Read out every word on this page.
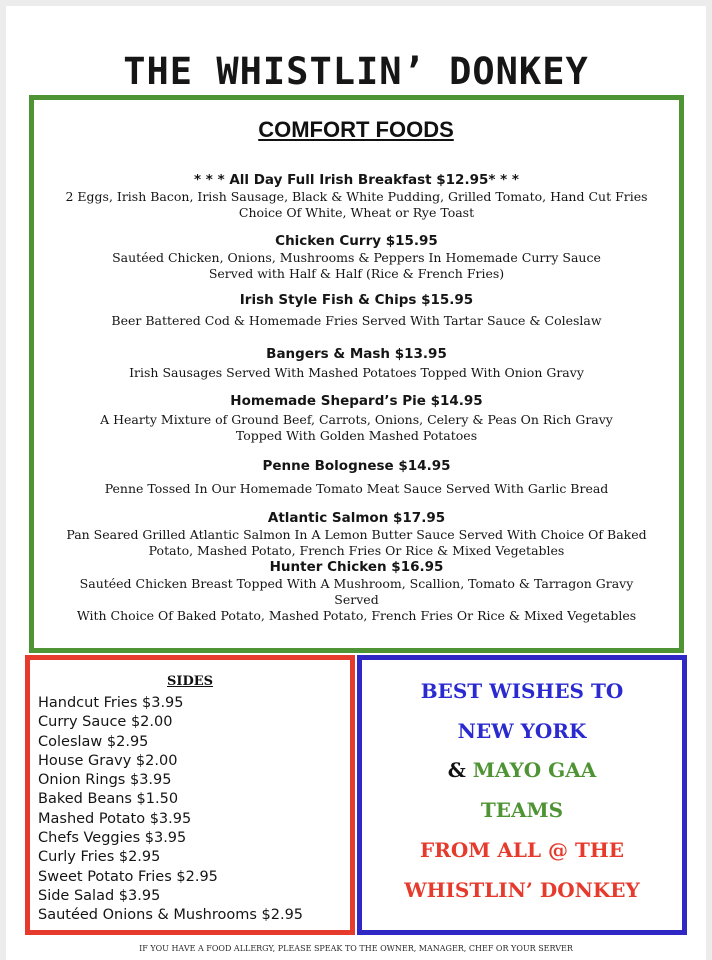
THE WHISTLIN’ DONKEY
COMFORT FOODS
* * * All Day Full Irish Breakfast $12.95* * *
2 Eggs, Irish Bacon, Irish Sausage, Black & White Pudding, Grilled Tomato, Hand Cut Fries
Choice Of White, Wheat or Rye Toast
Chicken Curry $15.95
Sautéed Chicken, Onions, Mushrooms & Peppers In Homemade Curry Sauce
Served with Half & Half (Rice & French Fries)
Irish Style Fish & Chips $15.95
Beer Battered Cod & Homemade Fries Served With Tartar Sauce & Coleslaw
Bangers & Mash $13.95
Irish Sausages Served With Mashed Potatoes Topped With Onion Gravy
Homemade Shepard’s Pie $14.95
A Hearty Mixture of Ground Beef, Carrots, Onions, Celery & Peas On Rich Gravy
Topped With Golden Mashed Potatoes
Penne Bolognese $14.95
Penne Tossed In Our Homemade Tomato Meat Sauce Served With Garlic Bread
Atlantic Salmon $17.95
Pan Seared Grilled Atlantic Salmon In A Lemon Butter Sauce Served With Choice Of Baked
Potato, Mashed Potato, French Fries Or Rice & Mixed Vegetables
Hunter Chicken $16.95
Sautéed Chicken Breast Topped With A Mushroom, Scallion, Tomato & Tarragon Gravy
Served
With Choice Of Baked Potato, Mashed Potato, French Fries Or Rice & Mixed Vegetables
SIDES
Handcut Fries $3.95
Curry Sauce $2.00
Coleslaw $2.95
House Gravy $2.00
Onion Rings $3.95
Baked Beans $1.50
Mashed Potato $3.95
Chefs Veggies $3.95
Curly Fries $2.95
Sweet Potato Fries $2.95
Side Salad $3.95
Sautéed Onions & Mushrooms $2.95
BEST WISHES TO
NEW YORK
& MAYO GAA
TEAMS
FROM ALL @ THE
WHISTLIN’ DONKEY
IF YOU HAVE A FOOD ALLERGY, PLEASE SPEAK TO THE OWNER, MANAGER, CHEF OR YOUR SERVER
